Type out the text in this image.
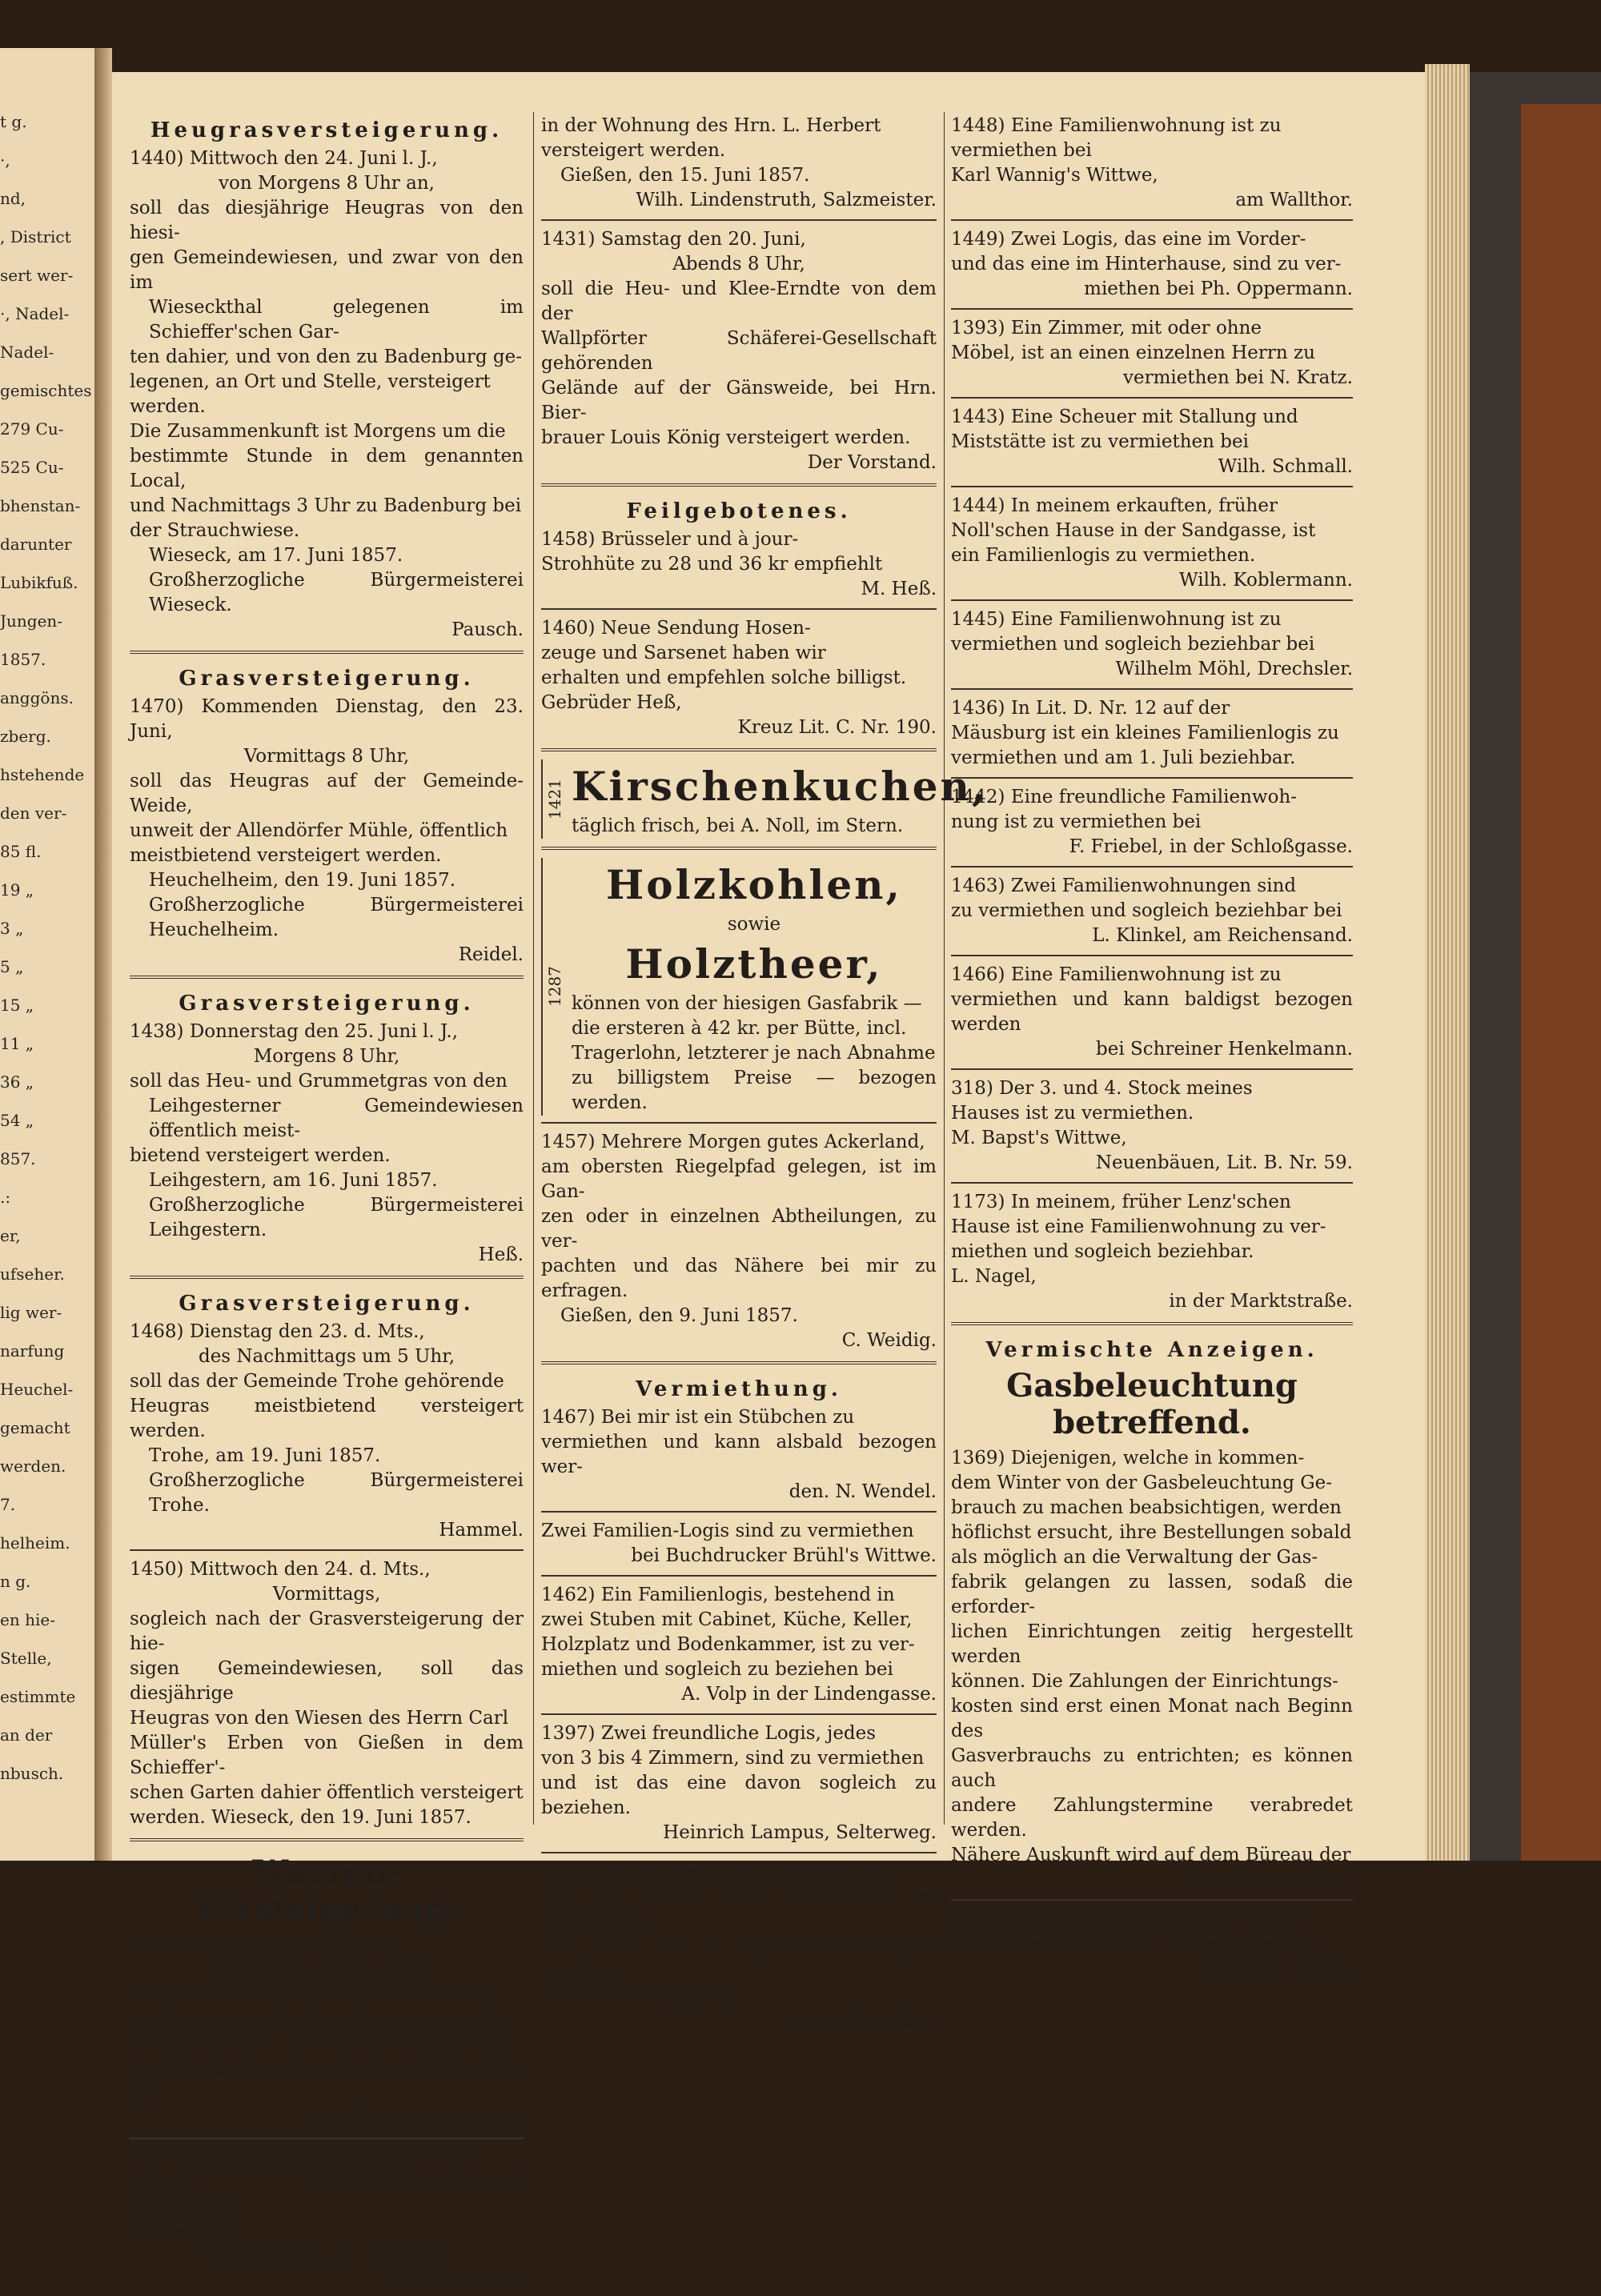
t g.
·,
nd,
, District
sert wer-
·, Nadel-
Nadel-
gemischtes
279 Cu-
525 Cu-
bhenstan-
darunter
Lubikfuß.
Jungen-
1857.
anggöns.
zberg.
hstehende
den ver-
85 fl.
19 „
3 „
5 „
15 „
11 „
36 „
54 „
857.
.:
er,
ufseher.
lig wer-
narfung
Heuchel-
gemacht
werden.
7.
helheim.
n g.
en hie-
Stelle,
estimmte
an der
nbusch.
Heugrasversteigerung.

1440) Mittwoch den 24. Juni l. J.,

von Morgens 8 Uhr an,

soll das diesjährige Heugras von den hiesi-

gen Gemeindewiesen, und zwar von den im

Wieseckthal gelegenen im Schieffer'schen Gar-

ten dahier, und von den zu Badenburg ge-

legenen, an Ort und Stelle, versteigert

werden.

Die Zusammenkunft ist Morgens um die

bestimmte Stunde in dem genannten Local,

und Nachmittags 3 Uhr zu Badenburg bei

der Strauchwiese.

Wieseck, am 17. Juni 1857.

Großherzogliche Bürgermeisterei Wieseck.

Pausch.

Grasversteigerung.

1470) Kommenden Dienstag, den 23. Juni,

Vormittags 8 Uhr,

soll das Heugras auf der Gemeinde-Weide,

unweit der Allendörfer Mühle, öffentlich

meistbietend versteigert werden.

Heuchelheim, den 19. Juni 1857.

Großherzogliche Bürgermeisterei Heuchelheim.

Reidel.

Grasversteigerung.

1438) Donnerstag den 25. Juni l. J.,

Morgens 8 Uhr,

soll das Heu- und Grummetgras von den

Leihgesterner Gemeindewiesen öffentlich meist-

bietend versteigert werden.

Leihgestern, am 16. Juni 1857.

Großherzogliche Bürgermeisterei Leihgestern.

Heß.

Grasversteigerung.

1468) Dienstag den 23. d. Mts.,

des Nachmittags um 5 Uhr,

soll das der Gemeinde Trohe gehörende

Heugras meistbietend versteigert werden.

Trohe, am 19. Juni 1857.

Großherzogliche Bürgermeisterei Trohe.

Hammel.

1450) Mittwoch den 24. d. Mts.,

Vormittags,

sogleich nach der Grasversteigerung der hie-

sigen Gemeindewiesen, soll das diesjährige

Heugras von den Wiesen des Herrn Carl

Müller's Erben von Gießen in dem Schieffer'-

schen Garten dahier öffentlich versteigert

werden. Wieseck, den 19. Juni 1857.

Waaren-Versteigerung.

1459) Dienstag den 23. Juni,

Nachmittags um 2 Uhr,

werden im Hause des Herrn Carl Ebel

am Kreuz verschiedene Kurzwaaren, als:

Schnur, Knöpfe, Zwirn, angefangene und

fertige Stickereien und sonstige Waaren, so-

wie Reste, versteigert.

1427) Das Heugras von der der Neu-

städter Schäferei-Gesellschaft gehörenden

Wiese, soll

Samstag den 20. Juni d. J.,

Abends 8 Uhr,

in der Wohnung des Hrn. L. Herbert

versteigert werden.

Gießen, den 15. Juni 1857.

Wilh. Lindenstruth, Salzmeister.

1431) Samstag den 20. Juni,

Abends 8 Uhr,

soll die Heu- und Klee-Erndte von dem der

Wallpförter Schäferei-Gesellschaft gehörenden

Gelände auf der Gänsweide, bei Hrn. Bier-

brauer Louis König versteigert werden.

Der Vorstand.

Feilgebotenes.

1458) Brüsseler und à jour-

Strohhüte zu 28 und 36 kr empfiehlt

M. Heß.

1460) Neue Sendung Hosen-

zeuge und Sarsenet haben wir

erhalten und empfehlen solche billigst.

Gebrüder Heß,

Kreuz Lit. C. Nr. 190.

1421 Kirschenkuchen,

täglich frisch, bei A. Noll, im Stern.

1287
Holzkohlen,
sowie
Holztheer,

können von der hiesigen Gasfabrik —

die ersteren à 42 kr. per Bütte, incl.

Tragerlohn, letzterer je nach Abnahme

zu billigstem Preise — bezogen werden.

1457) Mehrere Morgen gutes Ackerland,

am obersten Riegelpfad gelegen, ist im Gan-

zen oder in einzelnen Abtheilungen, zu ver-

pachten und das Nähere bei mir zu erfragen.

Gießen, den 9. Juni 1857.

C. Weidig.

Vermiethung.

1467) Bei mir ist ein Stübchen zu

vermiethen und kann alsbald bezogen wer-

den. N. Wendel.

Zwei Familien-Logis sind zu vermiethen

bei Buchdrucker Brühl's Wittwe.

1462) Ein Familienlogis, bestehend in

zwei Stuben mit Cabinet, Küche, Keller,

Holzplatz und Bodenkammer, ist zu ver-

miethen und sogleich zu beziehen bei

A. Volp in der Lindengasse.

1397) Zwei freundliche Logis, jedes

von 3 bis 4 Zimmern, sind zu vermiethen

und ist das eine davon sogleich zu beziehen.

Heinrich Lampus, Selterweg.

1344) Der mittlere Stock meiner Hau-

ses ist ganz oder theilweise zu vermiethen

und kann am 1. September bezogen werden.

Wittwe Heichelheim,

am Lindenplatz.

1448) Eine Familienwohnung ist zu

vermiethen bei

Karl Wannig's Wittwe,

am Wallthor.

1449) Zwei Logis, das eine im Vorder-

und das eine im Hinterhause, sind zu ver-

miethen bei Ph. Oppermann.

1393) Ein Zimmer, mit oder ohne

Möbel, ist an einen einzelnen Herrn zu

vermiethen bei N. Kratz.

1443) Eine Scheuer mit Stallung und

Miststätte ist zu vermiethen bei

Wilh. Schmall.

1444) In meinem erkauften, früher

Noll'schen Hause in der Sandgasse, ist

ein Familienlogis zu vermiethen.

Wilh. Koblermann.

1445) Eine Familienwohnung ist zu

vermiethen und sogleich beziehbar bei

Wilhelm Möhl, Drechsler.

1436) In Lit. D. Nr. 12 auf der

Mäusburg ist ein kleines Familienlogis zu

vermiethen und am 1. Juli beziehbar.

1442) Eine freundliche Familienwoh-

nung ist zu vermiethen bei

F. Friebel, in der Schloßgasse.

1463) Zwei Familienwohnungen sind

zu vermiethen und sogleich beziehbar bei

L. Klinkel, am Reichensand.

1466) Eine Familienwohnung ist zu

vermiethen und kann baldigst bezogen werden

bei Schreiner Henkelmann.

318) Der 3. und 4. Stock meines

Hauses ist zu vermiethen.

M. Bapst's Wittwe,

Neuenbäuen, Lit. B. Nr. 59.

1173) In meinem, früher Lenz'schen

Hause ist eine Familienwohnung zu ver-

miethen und sogleich beziehbar.

L. Nagel,

in der Marktstraße.

Vermischte Anzeigen.
Gasbeleuchtung betreffend.

1369) Diejenigen, welche in kommen-

dem Winter von der Gasbeleuchtung Ge-

brauch zu machen beabsichtigen, werden

höflichst ersucht, ihre Bestellungen sobald

als möglich an die Verwaltung der Gas-

fabrik gelangen zu lassen, sodaß die erforder-

lichen Einrichtungen zeitig hergestellt werden

können. Die Zahlungen der Einrichtungs-

kosten sind erst einen Monat nach Beginn des

Gasverbrauchs zu entrichten; es können auch

andere Zahlungstermine verabredet werden.

Nähere Auskunft wird auf dem Büreau der

Gasfabrik ertheilt.

1472) Nachhilfestunden in der Mathe-

matik werden ertheilt. Näheres bei der

Exped. d. Blatts.
